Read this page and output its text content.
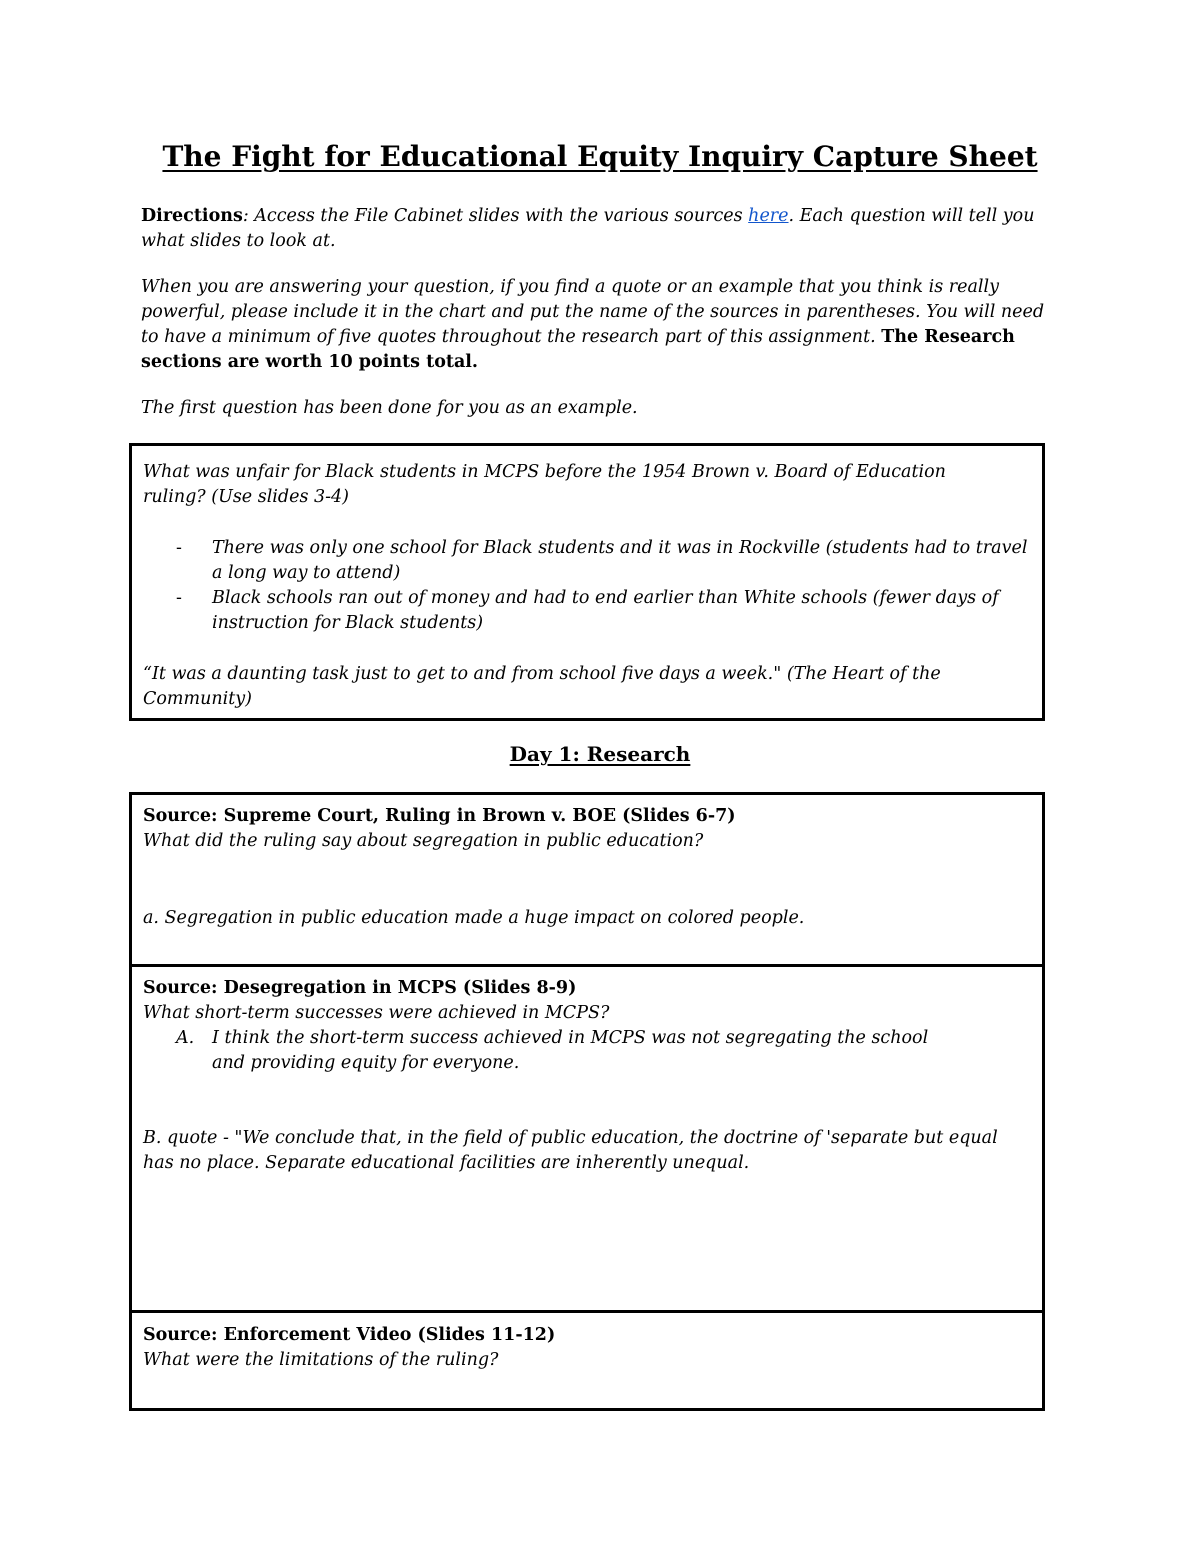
The Fight for Educational Equity Inquiry Capture Sheet
Directions: Access the File Cabinet slides with the various sources here. Each question will tell you what slides to look at.
When you are answering your question, if you find a quote or an example that you think is really powerful, please include it in the chart and put the name of the sources in parentheses. You will need to have a minimum of five quotes throughout the research part of this assignment. The Research sections are worth 10 points total.
The first question has been done for you as an example.
What was unfair for Black students in MCPS before the 1954 Brown v. Board of Education ruling? (Use slides 3-4)
- There was only one school for Black students and it was in Rockville (students had to travel a long way to attend)
- Black schools ran out of money and had to end earlier than White schools (fewer days of instruction for Black students)
“It was a daunting task just to get to and from school five days a week." (The Heart of the Community)
Day 1: Research
Source: Supreme Court, Ruling in Brown v. BOE (Slides 6-7)
What did the ruling say about segregation in public education?
a. Segregation in public education made a huge impact on colored people.
Source: Desegregation in MCPS (Slides 8-9)
What short-term successes were achieved in MCPS?
A. I think the short-term success achieved in MCPS was not segregating the school and providing equity for everyone.
B. quote - "We conclude that, in the field of public education, the doctrine of 'separate but equal has no place. Separate educational facilities are inherently unequal.
Source: Enforcement Video (Slides 11-12)
What were the limitations of the ruling?
